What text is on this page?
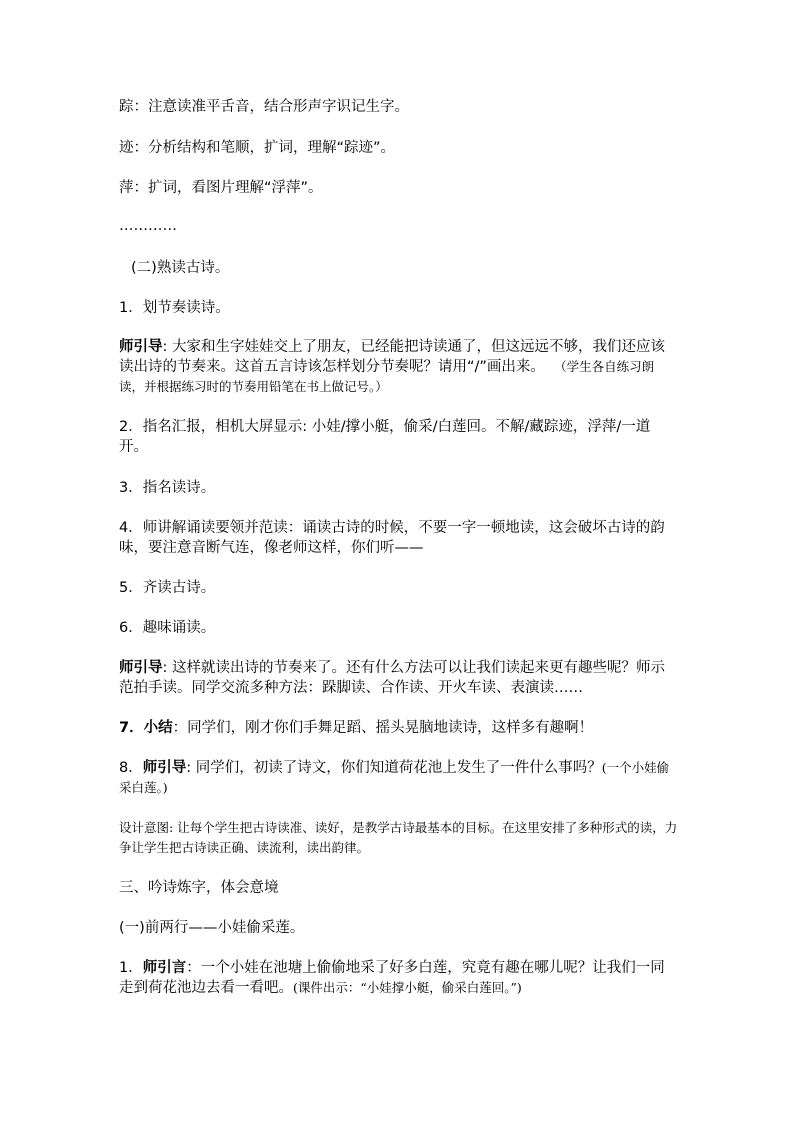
踪：注意读准平舌音，结合形声字识记生字。
迹：分析结构和笔顺，扩词，理解“踪迹”。
萍：扩词，看图片理解“浮萍”。
…………
(二)熟读古诗。
1．划节奏读诗。
师引导: 大家和生字娃娃交上了朋友，已经能把诗读通了，但这远远不够，我们还应该读出诗的节奏来。这首五言诗该怎样划分节奏呢？请用“/”画出来。 （学生各自练习朗读，并根据练习时的节奏用铅笔在书上做记号。）
2．指名汇报，相机大屏显示: 小娃/撑小艇，偷采/白莲回。不解/藏踪迹，浮萍/一道开。
3．指名读诗。
4．师讲解诵读要领并范读：诵读古诗的时候，不要一字一顿地读，这会破坏古诗的韵味，要注意音断气连，像老师这样，你们听——
5．齐读古诗。
6．趣味诵读。
师引导: 这样就读出诗的节奏来了。还有什么方法可以让我们读起来更有趣些呢？师示范拍手读。同学交流多种方法：跺脚读、合作读、开火车读、表演读……
7．小结：同学们，刚才你们手舞足蹈、摇头晃脑地读诗，这样多有趣啊！
8．师引导: 同学们，初读了诗文，你们知道荷花池上发生了一件什么事吗？(一个小娃偷采白莲。)
设计意图: 让每个学生把古诗读准、读好，是教学古诗最基本的目标。在这里安排了多种形式的读，力争让学生把古诗读正确、读流利，读出韵律。
三、吟诗炼字，体会意境
(一)前两行——小娃偷采莲。
1．师引言：一个小娃在池塘上偷偷地采了好多白莲，究竟有趣在哪儿呢？让我们一同走到荷花池边去看一看吧。(课件出示：“小娃撑小艇，偷采白莲回。”)
